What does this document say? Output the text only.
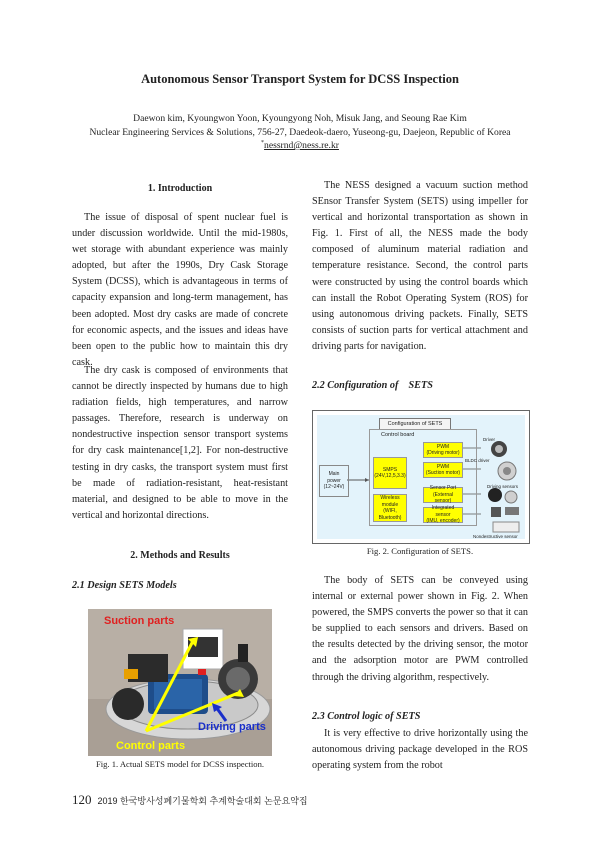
Autonomous Sensor Transport System for DCSS Inspection
Daewon kim, Kyoungwon Yoon, Kyoungyong Noh, Misuk Jang, and Seoung Rae Kim
Nuclear Engineering Services & Solutions, 756-27, Daedeok-daero, Yuseong-gu, Daejeon, Republic of Korea
*nessrnd@ness.re.kr
1. Introduction
The issue of disposal of spent nuclear fuel is under discussion worldwide. Until the mid-1980s, wet storage with abundant experience was mainly adopted, but after the 1990s, Dry Cask Storage System (DCSS), which is advantageous in terms of capacity expansion and long-term management, has been adopted. Most dry casks are made of concrete for economic aspects, and the issues and ideas have been open to the public how to maintain this dry cask.
The dry cask is composed of environments that cannot be directly inspected by humans due to high radiation fields, high temperatures, and narrow passages. Therefore, research is underway on nondestructive inspection sensor transport systems for dry cask maintenance[1,2]. For non-destructive testing in dry casks, the transport system must first be made of radiation-resistant, heat-resistant material, and designed to be able to move in the vertical and horizontal directions.
2. Methods and Results
2.1 Design SETS Models
Suction parts
Driving parts
Control parts
Fig. 1. Actual SETS model for DCSS inspection.
The NESS designed a vacuum suction method SEnsor Transfer System (SETS) using impeller for vertical and horizontal transportation as shown in Fig. 1. First of all, the NESS made the body composed of aluminum material radiation and temperature resistance. Second, the control parts were constructed by using the control boards which can install the Robot Operating System (ROS) for using autonomous driving packets. Finally, SETS consists of suction parts for vertical attachment and driving parts for navigation.
2.2 Configuration of    SETS
Configuration of SETS
Control board
Main
power
(12~24V)
SMPS
(24V,12,5,3.3)
PWM
(Driving motor)
PWM
(Suction motor)
Wireless
module
(WIFI, Bluetooth)
Sensor Port
(External sensor)
Integrated sensor
(IMU, encoder)
Driver
BLDC driver
Driving sensors
Nondestructive sensor
Fig. 2. Configuration of SETS.
The body of SETS can be conveyed using internal or external power shown in Fig. 2. When powered, the SMPS converts the power so that it can be supplied to each sensors and drivers. Based on the results detected by the driving sensor, the motor and the adsorption motor are PWM controlled through the driving algorithm, respectively.
2.3 Control logic of SETS
It is very effective to drive horizontally using the autonomous driving package developed in the ROS operating system from the robot
120 2019 한국방사성폐기물학회 추계학술대회 논문요약집
